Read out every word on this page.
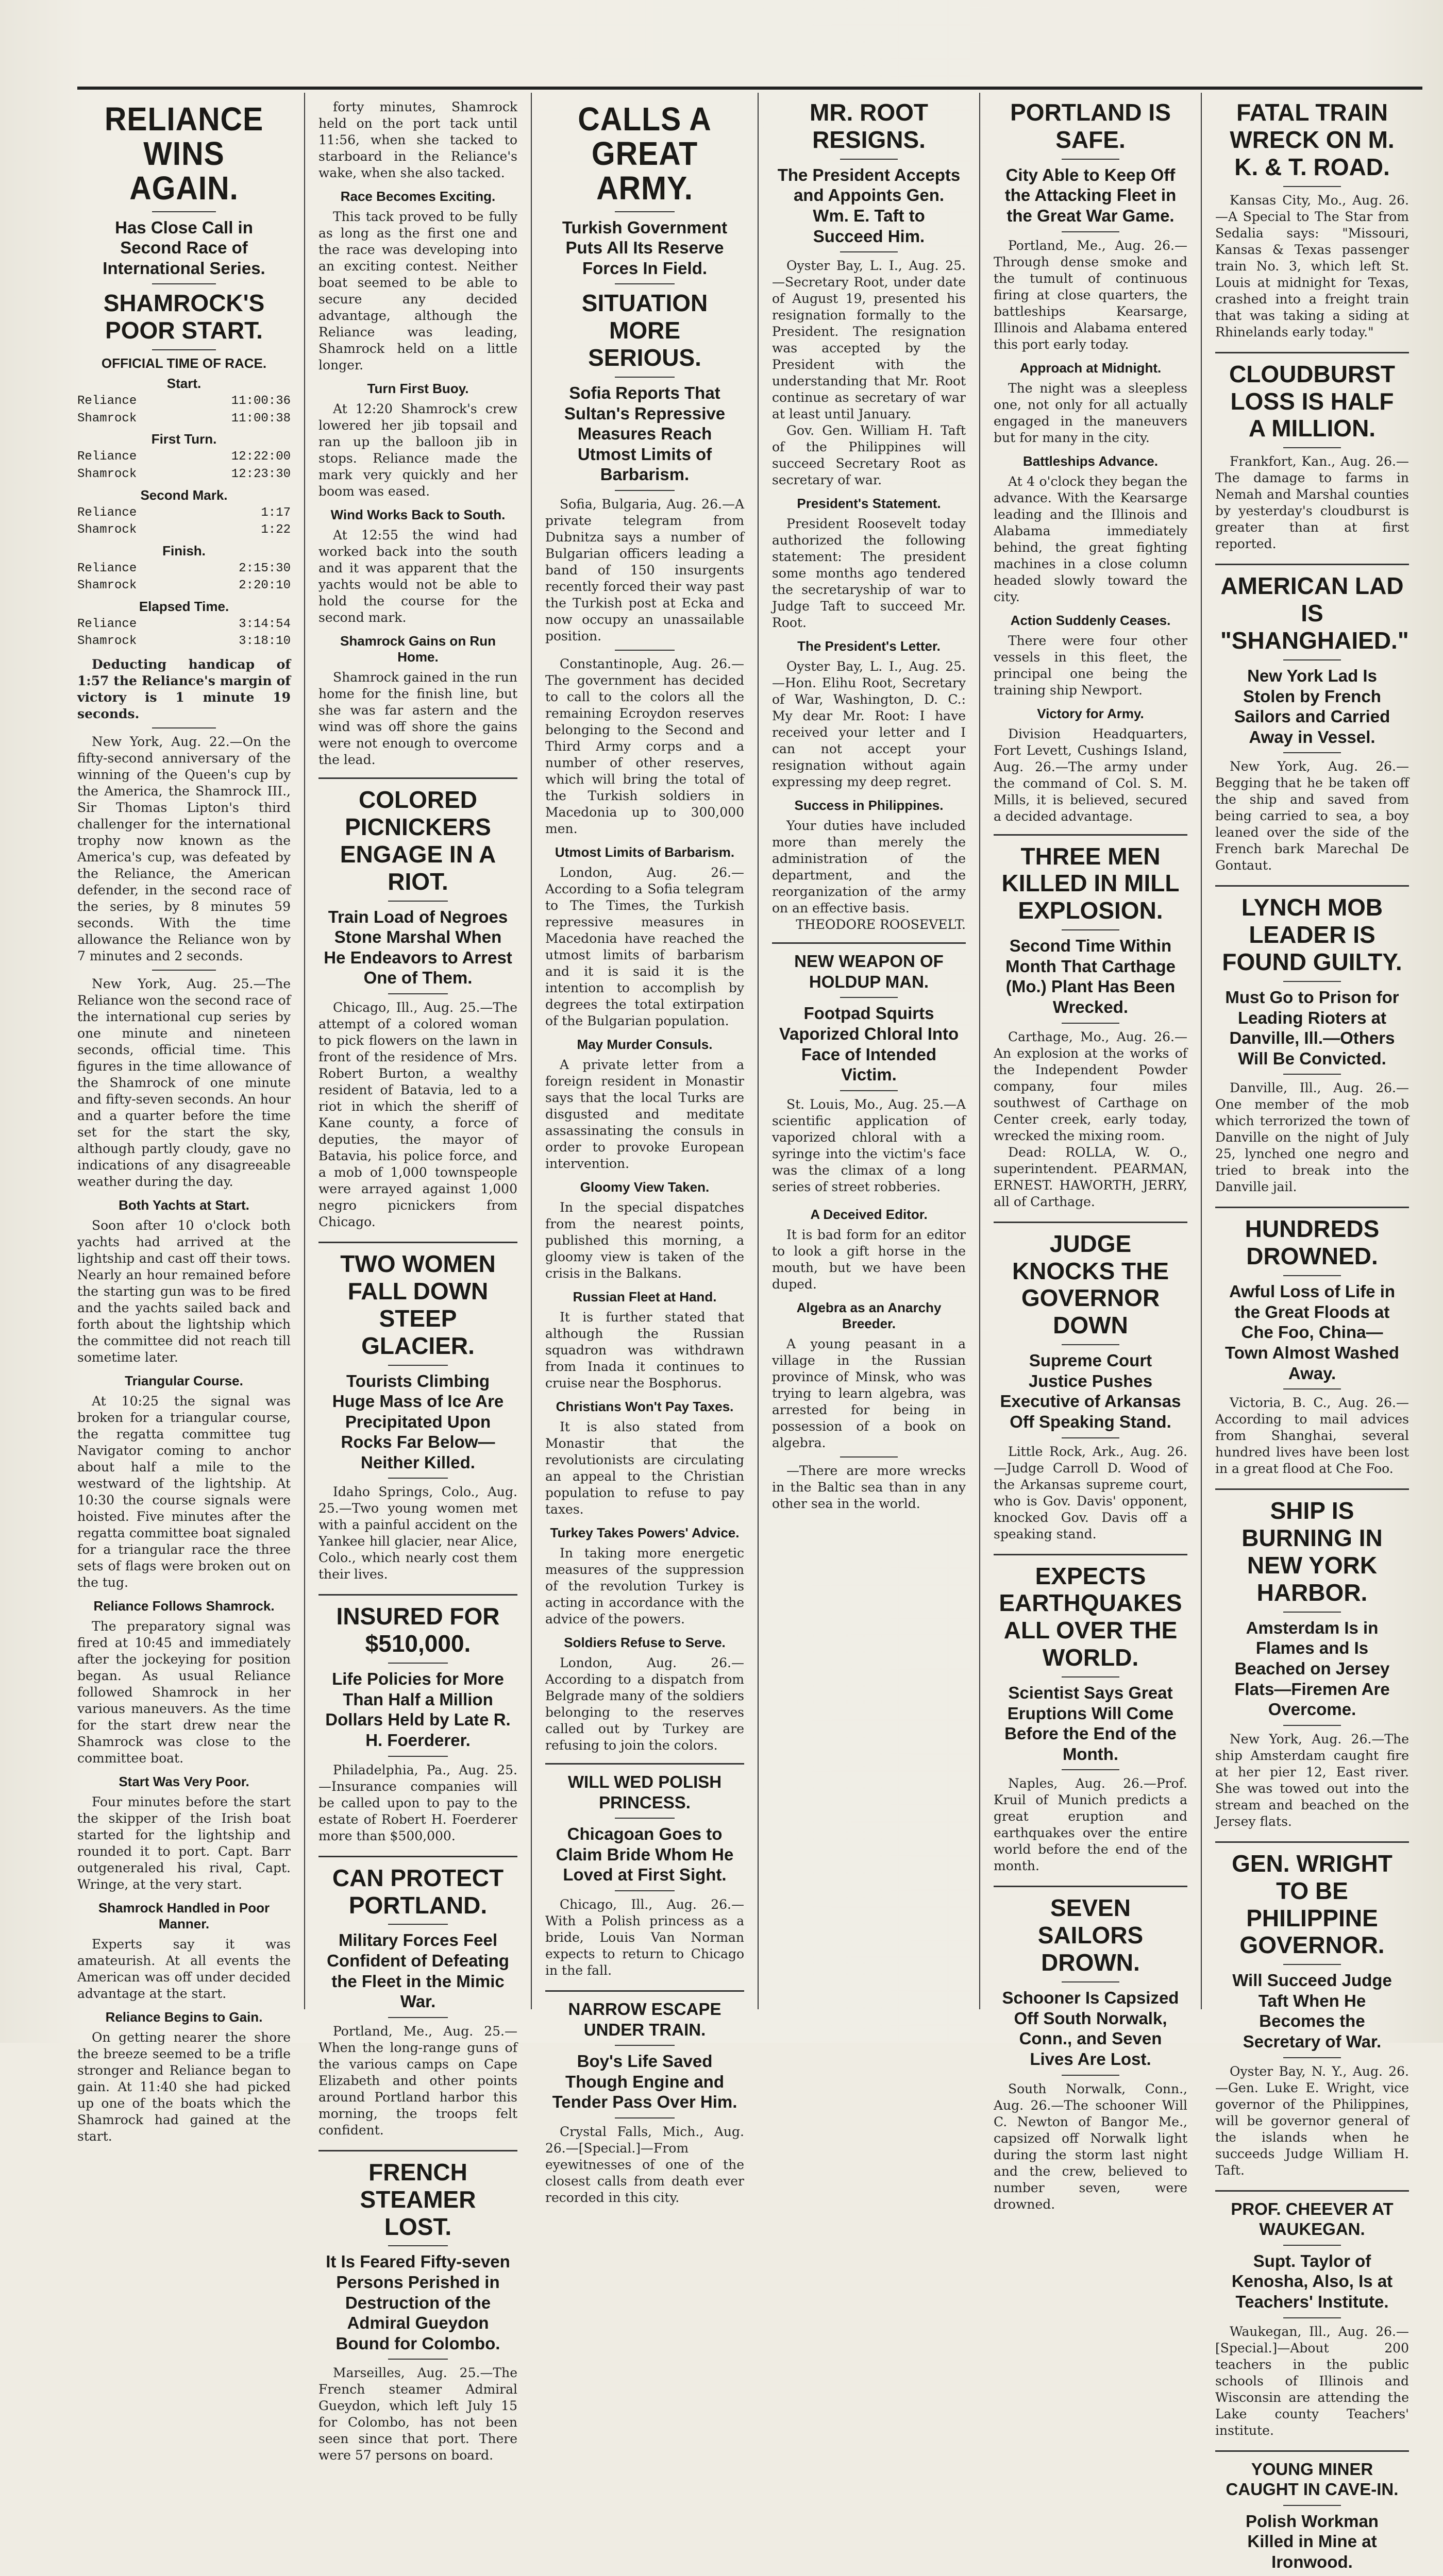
RELIANCE WINS AGAIN.
Has Close Call in Second Race of International Series.
SHAMROCK'S POOR START.
OFFICIAL TIME OF RACE.
Start.
Reliance	11:00:36
Shamrock	11:00:38
First Turn.
Reliance	12:22:00
Shamrock	12:23:30
Second Mark.
Reliance	1:17
Shamrock	1:22
Finish.
Reliance	2:15:30
Shamrock	2:20:10
Elapsed Time.
Reliance	3:14:54
Shamrock	3:18:10

Deducting handicap of 1:57 the Reliance's margin of victory is 1 minute 19 seconds.

New York, Aug. 22.—On the fifty-second anniversary of the winning of the Queen's cup by the America, the Shamrock III., Sir Thomas Lipton's third challenger for the international trophy now known as the America's cup, was defeated by the Reliance, the American defender, in the second race of the series, by 8 minutes 59 seconds. With the time allowance the Reliance won by 7 minutes and 2 seconds.

New York, Aug. 25.—The Reliance won the second race of the international cup series by one minute and nineteen seconds, official time. This figures in the time allowance of the Shamrock of one minute and fifty-seven seconds. An hour and a quarter before the time set for the start the sky, although partly cloudy, gave no indications of any disagreeable weather during the day.

Both Yachts at Start.

Soon after 10 o'clock both yachts had arrived at the lightship and cast off their tows. Nearly an hour remained before the starting gun was to be fired and the yachts sailed back and forth about the lightship which the committee did not reach till sometime later.

Triangular Course.

At 10:25 the signal was broken for a triangular course, the regatta committee tug Navigator coming to anchor about half a mile to the westward of the lightship. At 10:30 the course signals were hoisted. Five minutes after the regatta committee boat signaled for a triangular race the three sets of flags were broken out on the tug.

Reliance Follows Shamrock.

The preparatory signal was fired at 10:45 and immediately after the jockeying for position began. As usual Reliance followed Shamrock in her various maneuvers. As the time for the start drew near the Shamrock was close to the committee boat.

Start Was Very Poor.

Four minutes before the start the skipper of the Irish boat started for the lightship and rounded it to port. Capt. Barr outgeneraled his rival, Capt. Wringe, at the very start.

Shamrock Handled in Poor Manner.

Experts say it was amateurish. At all events the American was off under decided advantage at the start.

Reliance Begins to Gain.

On getting nearer the shore the breeze seemed to be a trifle stronger and Reliance began to gain. At 11:40 she had picked up one of the boats which the Shamrock had gained at the start.

forty minutes, Shamrock held on the port tack until 11:56, when she tacked to starboard in the Reliance's wake, when she also tacked.

Race Becomes Exciting.

This tack proved to be fully as long as the first one and the race was developing into an exciting contest. Neither boat seemed to be able to secure any decided advantage, although the Reliance was leading, Shamrock held on a little longer.

Turn First Buoy.

At 12:20 Shamrock's crew lowered her jib topsail and ran up the balloon jib in stops. Reliance made the mark very quickly and her boom was eased.

Wind Works Back to South.

At 12:55 the wind had worked back into the south and it was apparent that the yachts would not be able to hold the course for the second mark.

Shamrock Gains on Run Home.

Shamrock gained in the run home for the finish line, but she was far astern and the wind was off shore the gains were not enough to overcome the lead.

COLORED PICNICKERS ENGAGE IN A RIOT.
Train Load of Negroes Stone Marshal When He Endeavors to Arrest One of Them.

Chicago, Ill., Aug. 25.—The attempt of a colored woman to pick flowers on the lawn in front of the residence of Mrs. Robert Burton, a wealthy resident of Batavia, led to a riot in which the sheriff of Kane county, a force of deputies, the mayor of Batavia, his police force, and a mob of 1,000 townspeople were arrayed against 1,000 negro picnickers from Chicago.

TWO WOMEN FALL DOWN STEEP GLACIER.
Tourists Climbing Huge Mass of Ice Are Precipitated Upon Rocks Far Below—Neither Killed.

Idaho Springs, Colo., Aug. 25.—Two young women met with a painful accident on the Yankee hill glacier, near Alice, Colo., which nearly cost them their lives.

INSURED FOR $510,000.
Life Policies for More Than Half a Million Dollars Held by Late R. H. Foerderer.

Philadelphia, Pa., Aug. 25.—Insurance companies will be called upon to pay to the estate of Robert H. Foerderer more than $500,000.

CAN PROTECT PORTLAND.
Military Forces Feel Confident of Defeating the Fleet in the Mimic War.

Portland, Me., Aug. 25.—When the long-range guns of the various camps on Cape Elizabeth and other points around Portland harbor this morning, the troops felt confident.

FRENCH STEAMER LOST.
It Is Feared Fifty-seven Persons Perished in Destruction of the Admiral Gueydon Bound for Colombo.

Marseilles, Aug. 25.—The French steamer Admiral Gueydon, which left July 15 for Colombo, has not been seen since that port. There were 57 persons on board.

CALLS A GREAT ARMY.
Turkish Government Puts All Its Reserve Forces In Field.
SITUATION MORE SERIOUS.
Sofia Reports That Sultan's Repressive Measures Reach Utmost Limits of Barbarism.

Sofia, Bulgaria, Aug. 26.—A private telegram from Dubnitza says a number of Bulgarian officers leading a band of 150 insurgents recently forced their way past the Turkish post at Ecka and now occupy an unassailable position.

Constantinople, Aug. 26.—The government has decided to call to the colors all the remaining Ecroydon reserves belonging to the Second and Third Army corps and a number of other reserves, which will bring the total of the Turkish soldiers in Macedonia up to 300,000 men.

Utmost Limits of Barbarism.

London, Aug. 26.—According to a Sofia telegram to The Times, the Turkish repressive measures in Macedonia have reached the utmost limits of barbarism and it is said it is the intention to accomplish by degrees the total extirpation of the Bulgarian population.

May Murder Consuls.

A private letter from a foreign resident in Monastir says that the local Turks are disgusted and meditate assassinating the consuls in order to provoke European intervention.

Gloomy View Taken.

In the special dispatches from the nearest points, published this morning, a gloomy view is taken of the crisis in the Balkans.

Russian Fleet at Hand.

It is further stated that although the Russian squadron was withdrawn from Inada it continues to cruise near the Bosphorus.

Christians Won't Pay Taxes.

It is also stated from Monastir that the revolutionists are circulating an appeal to the Christian population to refuse to pay taxes.

Turkey Takes Powers' Advice.

In taking more energetic measures of the suppression of the revolution Turkey is acting in accordance with the advice of the powers.

Soldiers Refuse to Serve.

London, Aug. 26.—According to a dispatch from Belgrade many of the soldiers belonging to the reserves called out by Turkey are refusing to join the colors.

WILL WED POLISH PRINCESS.
Chicagoan Goes to Claim Bride Whom He Loved at First Sight.

Chicago, Ill., Aug. 26.—With a Polish princess as a bride, Louis Van Norman expects to return to Chicago in the fall.

NARROW ESCAPE UNDER TRAIN.
Boy's Life Saved Though Engine and Tender Pass Over Him.

Crystal Falls, Mich., Aug. 26.—[Special.]—From eyewitnesses of one of the closest calls from death ever recorded in this city.

MR. ROOT RESIGNS.
The President Accepts and Appoints Gen. Wm. E. Taft to Succeed Him.

Oyster Bay, L. I., Aug. 25.—Secretary Root, under date of August 19, presented his resignation formally to the President. The resignation was accepted by the President with the understanding that Mr. Root continue as secretary of war at least until January.

Gov. Gen. William H. Taft of the Philippines will succeed Secretary Root as secretary of war.

President's Statement.

President Roosevelt today authorized the following statement: The president some months ago tendered the secretaryship of war to Judge Taft to succeed Mr. Root.

The President's Letter.

Oyster Bay, L. I., Aug. 25.—Hon. Elihu Root, Secretary of War, Washington, D. C.: My dear Mr. Root: I have received your letter and I can not accept your resignation without again expressing my deep regret.

Success in Philippines.

Your duties have included more than merely the administration of the department, and the reorganization of the army on an effective basis.

THEODORE ROOSEVELT.

NEW WEAPON OF HOLDUP MAN.
Footpad Squirts Vaporized Chloral Into Face of Intended Victim.

St. Louis, Mo., Aug. 25.—A scientific application of vaporized chloral with a syringe into the victim's face was the climax of a long series of street robberies.

A Deceived Editor.

It is bad form for an editor to look a gift horse in the mouth, but we have been duped.

Algebra as an Anarchy Breeder.

A young peasant in a village in the Russian province of Minsk, who was trying to learn algebra, was arrested for being in possession of a book on algebra.

—There are more wrecks in the Baltic sea than in any other sea in the world.

PORTLAND IS SAFE.
City Able to Keep Off the Attacking Fleet in the Great War Game.

Portland, Me., Aug. 26.—Through dense smoke and the tumult of continuous firing at close quarters, the battleships Kearsarge, Illinois and Alabama entered this port early today.

Approach at Midnight.

The night was a sleepless one, not only for all actually engaged in the maneuvers but for many in the city.

Battleships Advance.

At 4 o'clock they began the advance. With the Kearsarge leading and the Illinois and Alabama immediately behind, the great fighting machines in a close column headed slowly toward the city.

Action Suddenly Ceases.

There were four other vessels in this fleet, the principal one being the training ship Newport.

Victory for Army.

Division Headquarters, Fort Levett, Cushings Island, Aug. 26.—The army under the command of Col. S. M. Mills, it is believed, secured a decided advantage.

THREE MEN KILLED IN MILL EXPLOSION.
Second Time Within Month That Carthage (Mo.) Plant Has Been Wrecked.

Carthage, Mo., Aug. 26.—An explosion at the works of the Independent Powder company, four miles southwest of Carthage on Center creek, early today, wrecked the mixing room.

Dead: ROLLA, W. O., superintendent. PEARMAN, ERNEST. HAWORTH, JERRY, all of Carthage.

JUDGE KNOCKS THE GOVERNOR DOWN
Supreme Court Justice Pushes Executive of Arkansas Off Speaking Stand.

Little Rock, Ark., Aug. 26.—Judge Carroll D. Wood of the Arkansas supreme court, who is Gov. Davis' opponent, knocked Gov. Davis off a speaking stand.

EXPECTS EARTHQUAKES ALL OVER THE WORLD.
Scientist Says Great Eruptions Will Come Before the End of the Month.

Naples, Aug. 26.—Prof. Kruil of Munich predicts a great eruption and earthquakes over the entire world before the end of the month.

SEVEN SAILORS DROWN.
Schooner Is Capsized Off South Norwalk, Conn., and Seven Lives Are Lost.

South Norwalk, Conn., Aug. 26.—The schooner Will C. Newton of Bangor Me., capsized off Norwalk light during the storm last night and the crew, believed to number seven, were drowned.

FATAL TRAIN WRECK ON M. K. & T. ROAD.

Kansas City, Mo., Aug. 26.—A Special to The Star from Sedalia says: "Missouri, Kansas & Texas passenger train No. 3, which left St. Louis at midnight for Texas, crashed into a freight train that was taking a siding at Rhinelands early today."

CLOUDBURST LOSS IS HALF A MILLION.

Frankfort, Kan., Aug. 26.—The damage to farms in Nemah and Marshal counties by yesterday's cloudburst is greater than at first reported.

AMERICAN LAD IS "SHANGHAIED."
New York Lad Is Stolen by French Sailors and Carried Away in Vessel.

New York, Aug. 26.—Begging that he be taken off the ship and saved from being carried to sea, a boy leaned over the side of the French bark Marechal De Gontaut.

LYNCH MOB LEADER IS FOUND GUILTY.
Must Go to Prison for Leading Rioters at Danville, Ill.—Others Will Be Convicted.

Danville, Ill., Aug. 26.—One member of the mob which terrorized the town of Danville on the night of July 25, lynched one negro and tried to break into the Danville jail.

HUNDREDS DROWNED.
Awful Loss of Life in the Great Floods at Che Foo, China—Town Almost Washed Away.

Victoria, B. C., Aug. 26.—According to mail advices from Shanghai, several hundred lives have been lost in a great flood at Che Foo.

SHIP IS BURNING IN NEW YORK HARBOR.
Amsterdam Is in Flames and Is Beached on Jersey Flats—Firemen Are Overcome.

New York, Aug. 26.—The ship Amsterdam caught fire at her pier 12, East river. She was towed out into the stream and beached on the Jersey flats.

GEN. WRIGHT TO BE PHILIPPINE GOVERNOR.
Will Succeed Judge Taft When He Becomes the Secretary of War.

Oyster Bay, N. Y., Aug. 26.—Gen. Luke E. Wright, vice governor of the Philippines, will be governor general of the islands when he succeeds Judge William H. Taft.

PROF. CHEEVER AT WAUKEGAN.
Supt. Taylor of Kenosha, Also, Is at Teachers' Institute.

Waukegan, Ill., Aug. 26.—[Special.]—About 200 teachers in the public schools of Illinois and Wisconsin are attending the Lake county Teachers' institute.

YOUNG MINER CAUGHT IN CAVE-IN.
Polish Workman Killed in Mine at Ironwood.
